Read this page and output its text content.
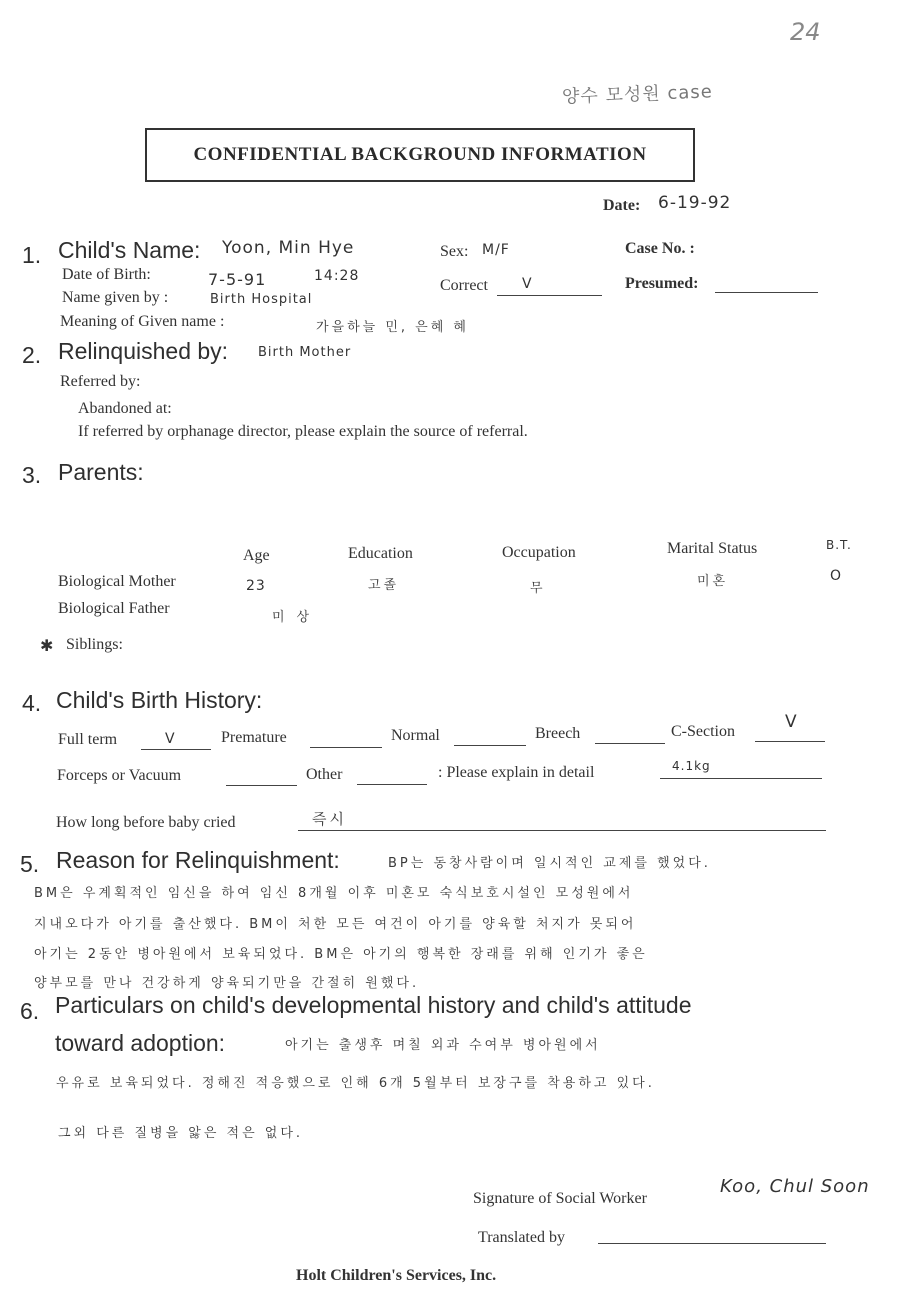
24
양수 모성원 case
CONFIDENTIAL BACKGROUND INFORMATION
Date: 6-19-92
1. Child's Name: Yoon, Min Hye	Sex: M/F	Case No. :
Date of Birth:	7-5-91	14:28
Correct V	Presumed:
Name given by :	Birth Hospital
Meaning of Given name :	가을하늘 민, 은혜 혜
2. Relinquished by: Birth Mother
Referred by:
Abandoned at:
If referred by orphanage director, please explain the source of referral.
3. Parents:
Age	Education	Occupation	Marital Status	B.T.
Biological Mother	23	고졸	무	미혼	O
Biological Father
미상
✱ Siblings:
4. Child's Birth History:
Full term	V	Premature	Normal	Breech	C-Section	V
Forceps or Vacuum	Other	: Please explain in detail	4.1kg
How long before baby cried	즉시
5. Reason for Relinquishment:	BP는 동창사람이며 일시적인 교제를 했었다.
BM은 우계획적인 임신을 하여 임신 8개월 이후 미혼모 숙식보호시설인 모성원에서
지내오다가 아기를 출산했다. BM이 처한 모든 여건이 아기를 양육할 처지가 못되어
아기는 2동안 병아원에서 보육되었다. BM은 아기의 행복한 장래를 위해 인기가 좋은
양부모를 만나 건강하게 양육되기만을 간절히 원했다.
6. Particulars on child's developmental history and child's attitude
toward adoption:	아기는 출생후 며칠 외과 수여부 병아원에서
우유로 보육되었다. 정해진 적응했으로 인해 6개 5월부터 보장구를 착용하고 있다.
그외 다른 질병을 앓은 적은 없다.
Signature of Social Worker
Koo, Chul Soon
Translated by
Holt Children's Services, Inc.
